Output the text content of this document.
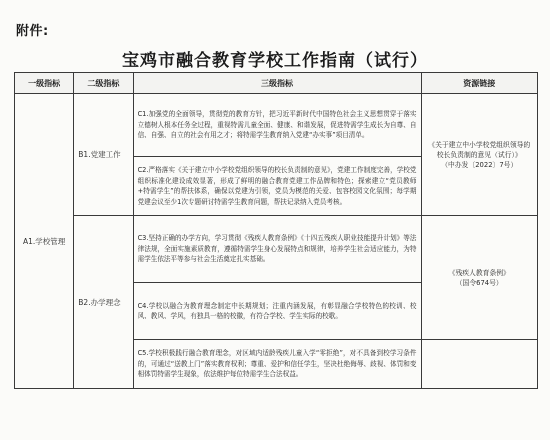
附件:
宝鸡市融合教育学校工作指南（试行）
一级指标	二级指标	三级指标	资源链接
A1.学校管理	B1.党建工作	C1.加强党的全面领导，贯彻党的教育方针，把习近平新时代中国特色社会主义思想贯穿于落实立德树人根本任务全过程，重视特需儿童全面、健康、和谐发展，促进特需学生成长为自尊、自信、自强、自立的社会有用之才；将特需学生教育纳入党建“办实事”项目清单。	《关于建立中小学校党组织领导的
校长负责制的意见（试行）》
（中办发〔2022〕7号）

		C2.严格落实《关于建立中小学校党组织领导的校长负责制的意见》，党建工作制度完善，学校党组织标准化建设成效显著，形成了鲜明的融合教育党建工作品牌和特色；探索建立“党员教师+特需学生”的帮扶体系，确保以党建为引领，党员为模范的关爱、包容校园文化氛围；每学期党建会议至少1次专题研讨特需学生教育问题，帮扶记录纳入党员考核。	
	B2.办学理念	C3.坚持正确的办学方向，学习贯彻《残疾人教育条例》《十四五残疾人职业技能提升计划》等法律法规，全面实施素质教育，遵循特需学生身心发展特点和规律，培养学生社会适应能力，为特需学生依法平等参与社会生活奠定扎实基础。	《残疾人教育条例》
（国令674号）

		C4.学校以融合为教育理念制定中长期规划；注重内涵发展，有彰显融合学校特色的校训、校风、教风、学风，有独具一格的校徽，有符合学校、学生实际的校歌。	
		C5.学校积极践行融合教育理念，对区域内适龄残疾儿童入学“零拒绝”，对不具备到校学习条件的，可通过“送教上门”落实教育权利；尊重、爱护和信任学生，坚决杜绝侮辱、歧视、体罚和变相体罚特需学生现象，依法维护每位特需学生合法权益。	
